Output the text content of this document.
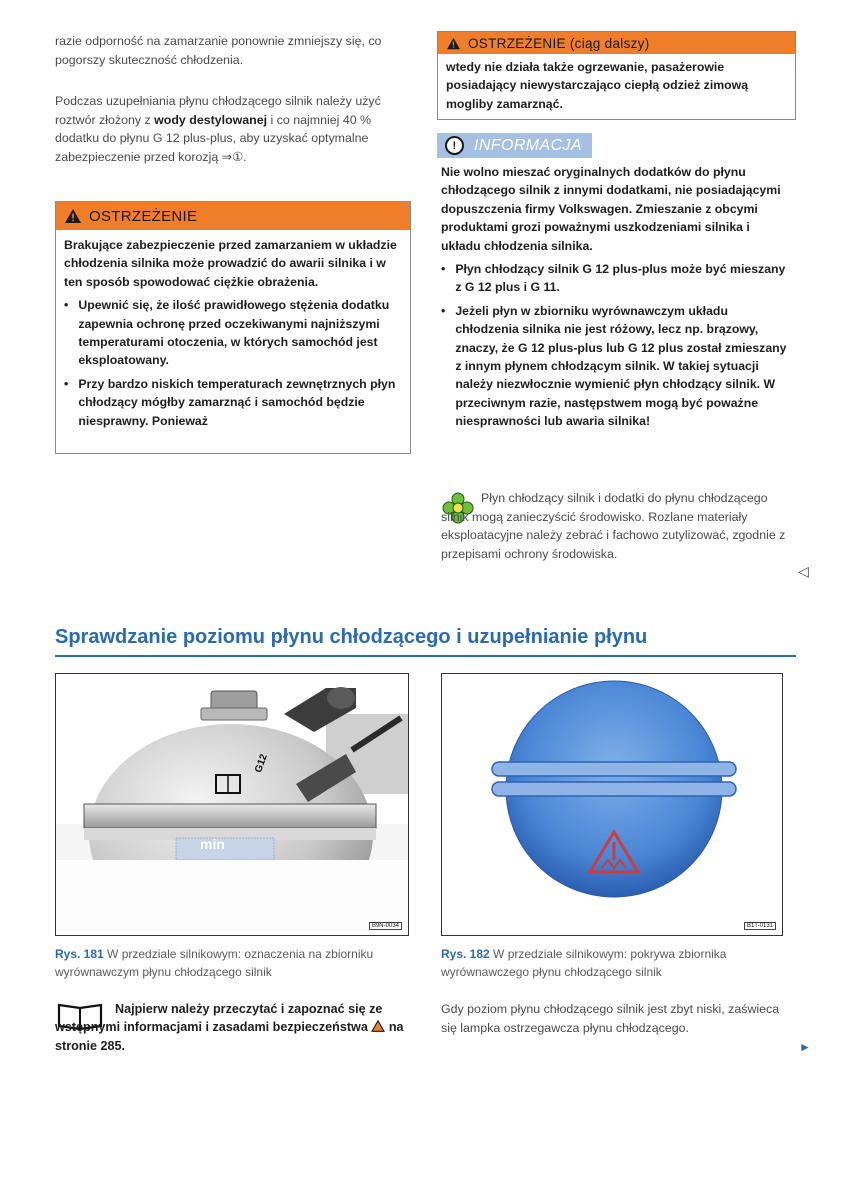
razie odporność na zamarzanie ponownie zmniejszy się, co pogorszy skuteczność chłodzenia.

Podczas uzupełniania płynu chłodzącego silnik należy użyć roztwór złożony z wody destylowanej i co najmniej 40 % dodatku do płynu G 12 plus-plus, aby uzyskać optymalne zabezpieczenie przed korozją ⇒①.

OSTRZEŻENIE

Brakujące zabezpieczenie przed zamarzaniem w układzie chłodzenia silnika może prowadzić do awarii silnika i w ten sposób spowodować ciężkie obrażenia.

• Upewnić się, że ilość prawidłowego stężenia dodatku zapewnia ochronę przed oczekiwanymi najniższymi temperaturami otoczenia, w których samochód jest eksploatowany.
• Przy bardzo niskich temperaturach zewnętrznych płyn chłodzący mógłby zamarznąć i samochód będzie niesprawny. Ponieważ
OSTRZEŻENIE (ciąg dalszy)
wtedy nie działa także ogrzewanie, pasażerowie posiadający niewystarczająco ciepłą odzież zimową mogliby zamarznąć.
!	INFORMACJA

Nie wolno mieszać oryginalnych dodatków do płynu chłodzącego silnik z innymi dodatkami, nie posiadającymi dopuszczenia firmy Volkswagen. Zmieszanie z obcymi produktami grozi poważnymi uszkodzeniami silnika i układu chłodzenia silnika.

• Płyn chłodzący silnik G 12 plus-plus może być mieszany z G 12 plus i G 11.
• Jeżeli płyn w zbiorniku wyrównawczym układu chłodzenia silnika nie jest różowy, lecz np. brązowy, znaczy, że G 12 plus-plus lub G 12 plus został zmieszany z innym płynem chłodzącym silnik. W takiej sytuacji należy niezwłocznie wymienić płyn chłodzący silnik. W przeciwnym razie, następstwem mogą być poważne niesprawności lub awaria silnika!

Płyn chłodzący silnik i dodatki do płynu chłodzącego silnik mogą zanieczyścić środowisko. Rozlane materiały eksploatacyjne należy zebrać i fachowo zutylizować, zgodnie z przepisami ochrony środowiska.

◁
Sprawdzanie poziomu płynu chłodzącego i uzupełnianie płynu
min
G12
B9N-0034
Rys. 181 W przedziale silnikowym: oznaczenia na zbiorniku wyrównawczym płynu chłodzącego silnik
B1T-0131
Rys. 182 W przedziale silnikowym: pokrywa zbiornika wyrównawczego płynu chłodzącego silnik

Najpierw należy przeczytać i zapoznać się ze wstępnymi informacjami i zasadami bezpieczeństwa  na stronie 285.

Gdy poziom płynu chłodzącego silnik jest zbyt niski, zaświeca się lampka ostrzegawcza płynu chłodzącego.

►
